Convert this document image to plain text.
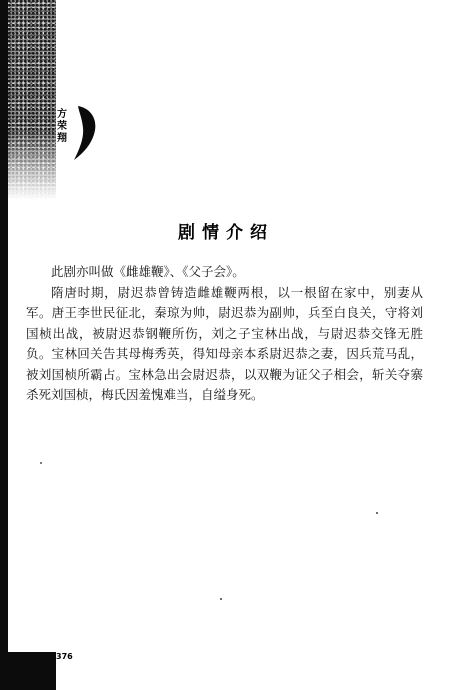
方
荣
翔
剧情介绍

此剧亦叫做《雌雄鞭》、《父子会》。

隋唐时期，尉迟恭曾铸造雌雄鞭两根，以一根留在家中，别妻从军。唐王李世民征北，秦琼为帅，尉迟恭为副帅，兵至白良关，守将刘国桢出战，被尉迟恭钢鞭所伤，刘之子宝林出战，与尉迟恭交锋无胜负。宝林回关告其母梅秀英，得知母亲本系尉迟恭之妻，因兵荒马乱，被刘国桢所霸占。宝林急出会尉迟恭，以双鞭为证父子相会，斩关夺寨杀死刘国桢，梅氏因羞愧难当，自缢身死。

376
